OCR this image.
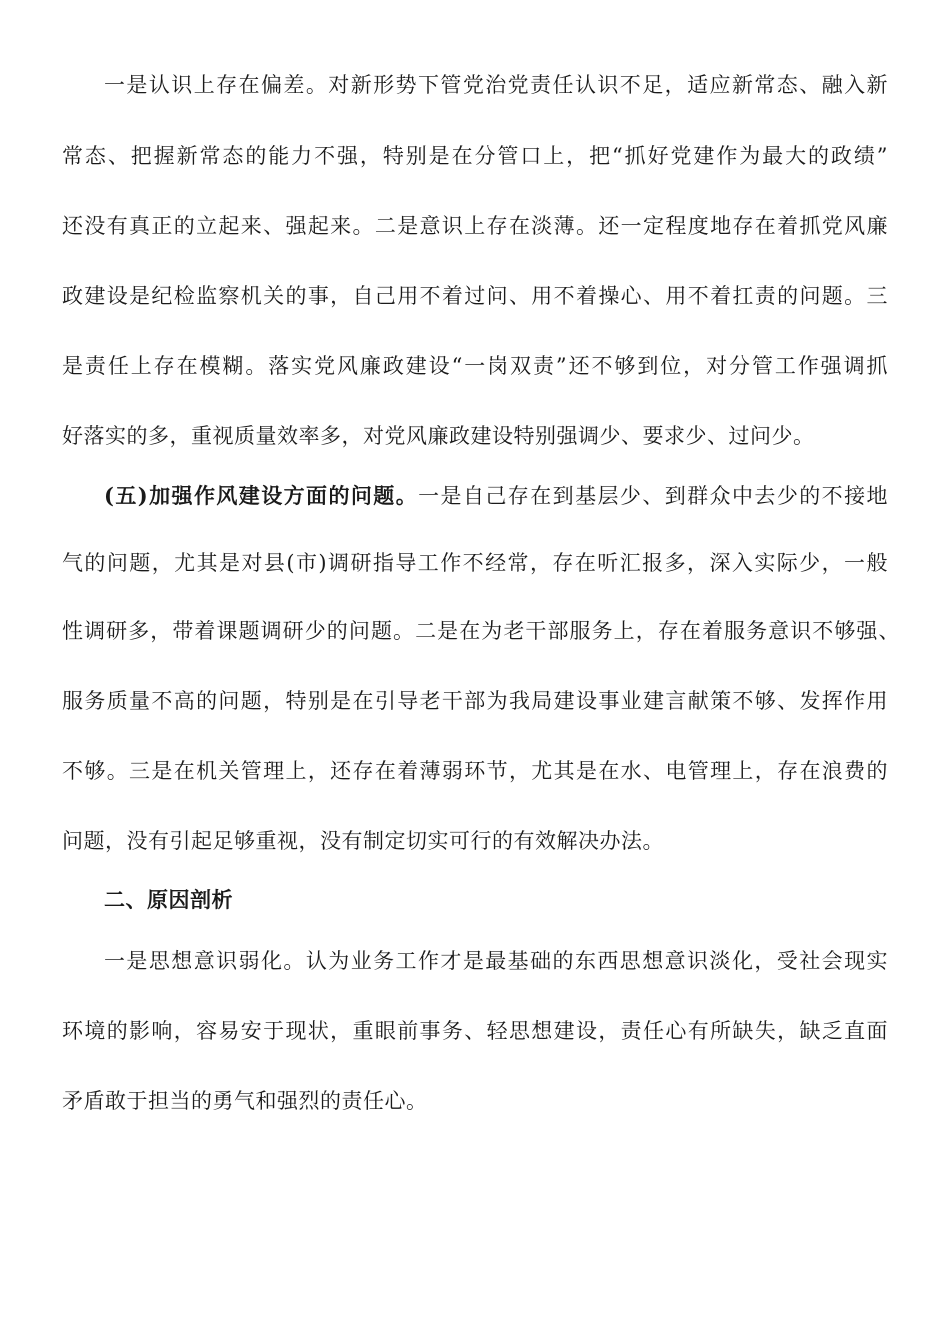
一是认识上存在偏差。对新形势下管党治党责任认识不足，适应新常态、融入新
常态、把握新常态的能力不强，特别是在分管口上，把“抓好党建作为最大的政绩”
还没有真正的立起来、强起来。二是意识上存在淡薄。还一定程度地存在着抓党风廉
政建设是纪检监察机关的事，自己用不着过问、用不着操心、用不着扛责的问题。三
是责任上存在模糊。落实党风廉政建设“一岗双责”还不够到位，对分管工作强调抓
好落实的多，重视质量效率多，对党风廉政建设特别强调少、要求少、过问少。
(五)加强作风建设方面的问题。一是自己存在到基层少、到群众中去少的不接地
气的问题，尤其是对县(市)调研指导工作不经常，存在听汇报多，深入实际少，一般
性调研多，带着课题调研少的问题。二是在为老干部服务上，存在着服务意识不够强、
服务质量不高的问题，特别是在引导老干部为我局建设事业建言献策不够、发挥作用
不够。三是在机关管理上，还存在着薄弱环节，尤其是在水、电管理上，存在浪费的
问题，没有引起足够重视，没有制定切实可行的有效解决办法。
二、原因剖析
一是思想意识弱化。认为业务工作才是最基础的东西思想意识淡化，受社会现实
环境的影响，容易安于现状，重眼前事务、轻思想建设，责任心有所缺失，缺乏直面
矛盾敢于担当的勇气和强烈的责任心。
